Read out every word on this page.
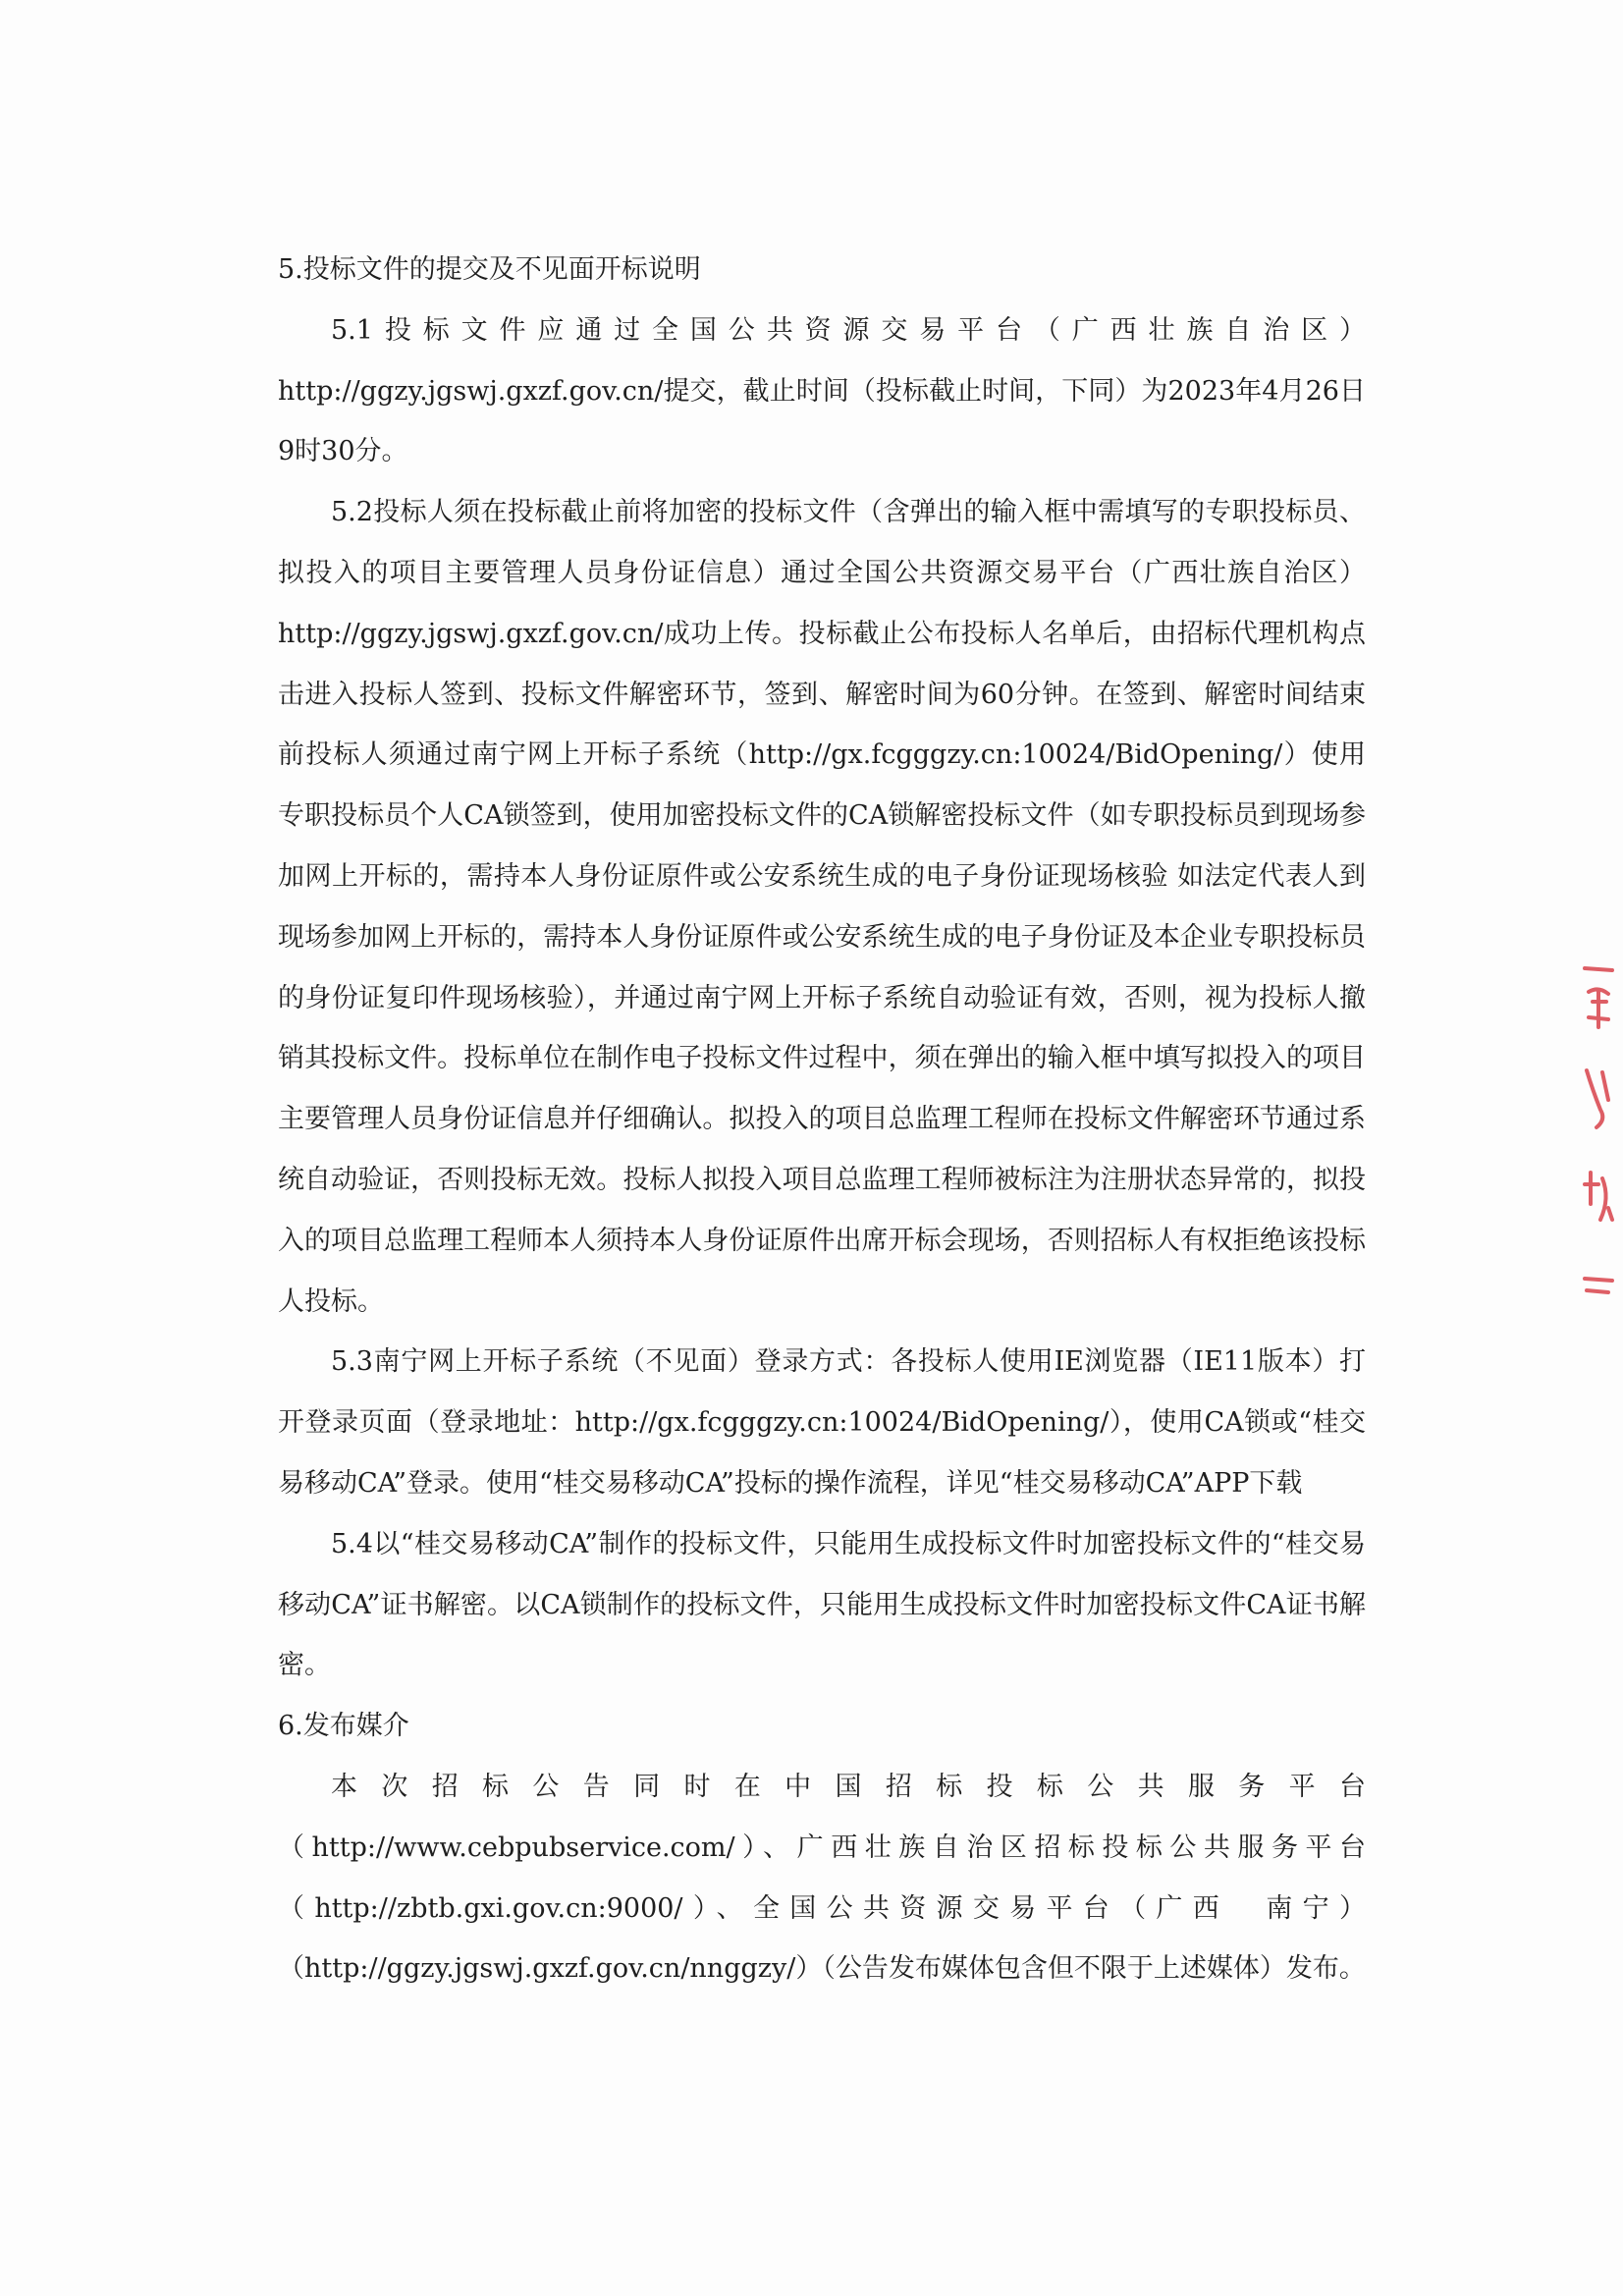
5.投标文件的提交及不见面开标说明

5.1投标文件应通过全国公共资源交易平台（广西壮族自治区）http://ggzy.jgswj.gxzf.gov.cn/提交，截止时间（投标截止时间，下同）为2023年4月26日9时30分。

5.2投标人须在投标截止前将加密的投标文件（含弹出的输入框中需填写的专职投标员、拟投入的项目主要管理人员身份证信息）通过全国公共资源交易平台（广西壮族自治区）http://ggzy.jgswj.gxzf.gov.cn/成功上传。投标截止公布投标人名单后，由招标代理机构点击进入投标人签到、投标文件解密环节，签到、解密时间为60分钟。在签到、解密时间结束前投标人须通过南宁网上开标子系统（http://gx.fcgggzy.cn:10024/BidOpening/）使用专职投标员个人CA锁签到，使用加密投标文件的CA锁解密投标文件（如专职投标员到现场参加网上开标的，需持本人身份证原件或公安系统生成的电子身份证现场核验 如法定代表人到现场参加网上开标的，需持本人身份证原件或公安系统生成的电子身份证及本企业专职投标员的身份证复印件现场核验），并通过南宁网上开标子系统自动验证有效，否则，视为投标人撤销其投标文件。投标单位在制作电子投标文件过程中，须在弹出的输入框中填写拟投入的项目主要管理人员身份证信息并仔细确认。拟投入的项目总监理工程师在投标文件解密环节通过系统自动验证，否则投标无效。投标人拟投入项目总监理工程师被标注为注册状态异常的，拟投入的项目总监理工程师本人须持本人身份证原件出席开标会现场，否则招标人有权拒绝该投标人投标。

5.3南宁网上开标子系统（不见面）登录方式：各投标人使用IE浏览器（IE11版本）打开登录页面（登录地址：http://gx.fcgggzy.cn:10024/BidOpening/），使用CA锁或“桂交易移动CA”登录。使用“桂交易移动CA”投标的操作流程，详见“桂交易移动CA”APP下载

5.4以“桂交易移动CA”制作的投标文件，只能用生成投标文件时加密投标文件的“桂交易移动CA”证书解密。以CA锁制作的投标文件，只能用生成投标文件时加密投标文件CA证书解密。

6.发布媒介

本次招标公告同时在中国招标投标公共服务平台（http://www.cebpubservice.com/）、广西壮族自治区招标投标公共服务平台（http://zbtb.gxi.gov.cn:9000/）、全国公共资源交易平台（广西　南宁）（http://ggzy.jgswj.gxzf.gov.cn/nnggzy/）（公告发布媒体包含但不限于上述媒体）发布。
